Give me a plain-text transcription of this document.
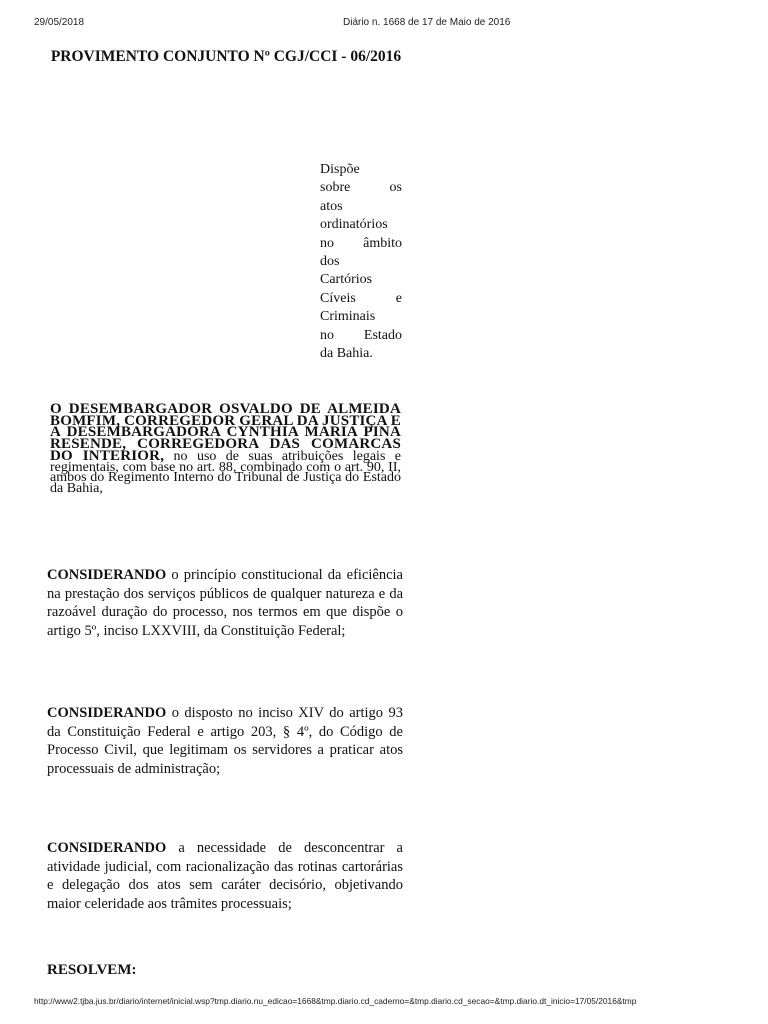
29/05/2018	Diário n. 1668 de 17 de Maio de 2016
PROVIMENTO CONJUNTO Nº CGJ/CCI - 06/2016
Dispõe
sobre os
atos
ordinatórios
no âmbito
dos
Cartórios
Cíveis e
Criminais
no Estado
da Bahia.
O DESEMBARGADOR OSVALDO DE ALMEIDA BOMFIM, CORREGEDOR GERAL DA JUSTIÇA E A DESEMBARGADORA CYNTHIA MARIA PINA RESENDE, CORREGEDORA DAS COMARCAS DO INTERIOR, no uso de suas atribuições legais e regimentais, com base no art. 88, combinado com o art. 90, II, ambos do Regimento Interno do Tribunal de Justiça do Estado da Bahia,
CONSIDERANDO o princípio constitucional da eficiência na prestação dos serviços públicos de qualquer natureza e da razoável duração do processo, nos termos em que dispõe o artigo 5º, inciso LXXVIII, da Constituição Federal;
CONSIDERANDO o disposto no inciso XIV do artigo 93 da Constituição Federal e artigo 203, § 4º, do Código de Processo Civil, que legitimam os servidores a praticar atos processuais de administração;
CONSIDERANDO a necessidade de desconcentrar a atividade judicial, com racionalização das rotinas cartorárias e delegação dos atos sem caráter decisório, objetivando maior celeridade aos trâmites processuais;
RESOLVEM:
http://www2.tjba.jus.br/diario/internet/inicial.wsp?tmp.diario.nu_edicao=1668&tmp.diario.cd_caderno=&tmp.diario.cd_secao=&tmp.diario.dt_inicio=17/05/2016&tmp
